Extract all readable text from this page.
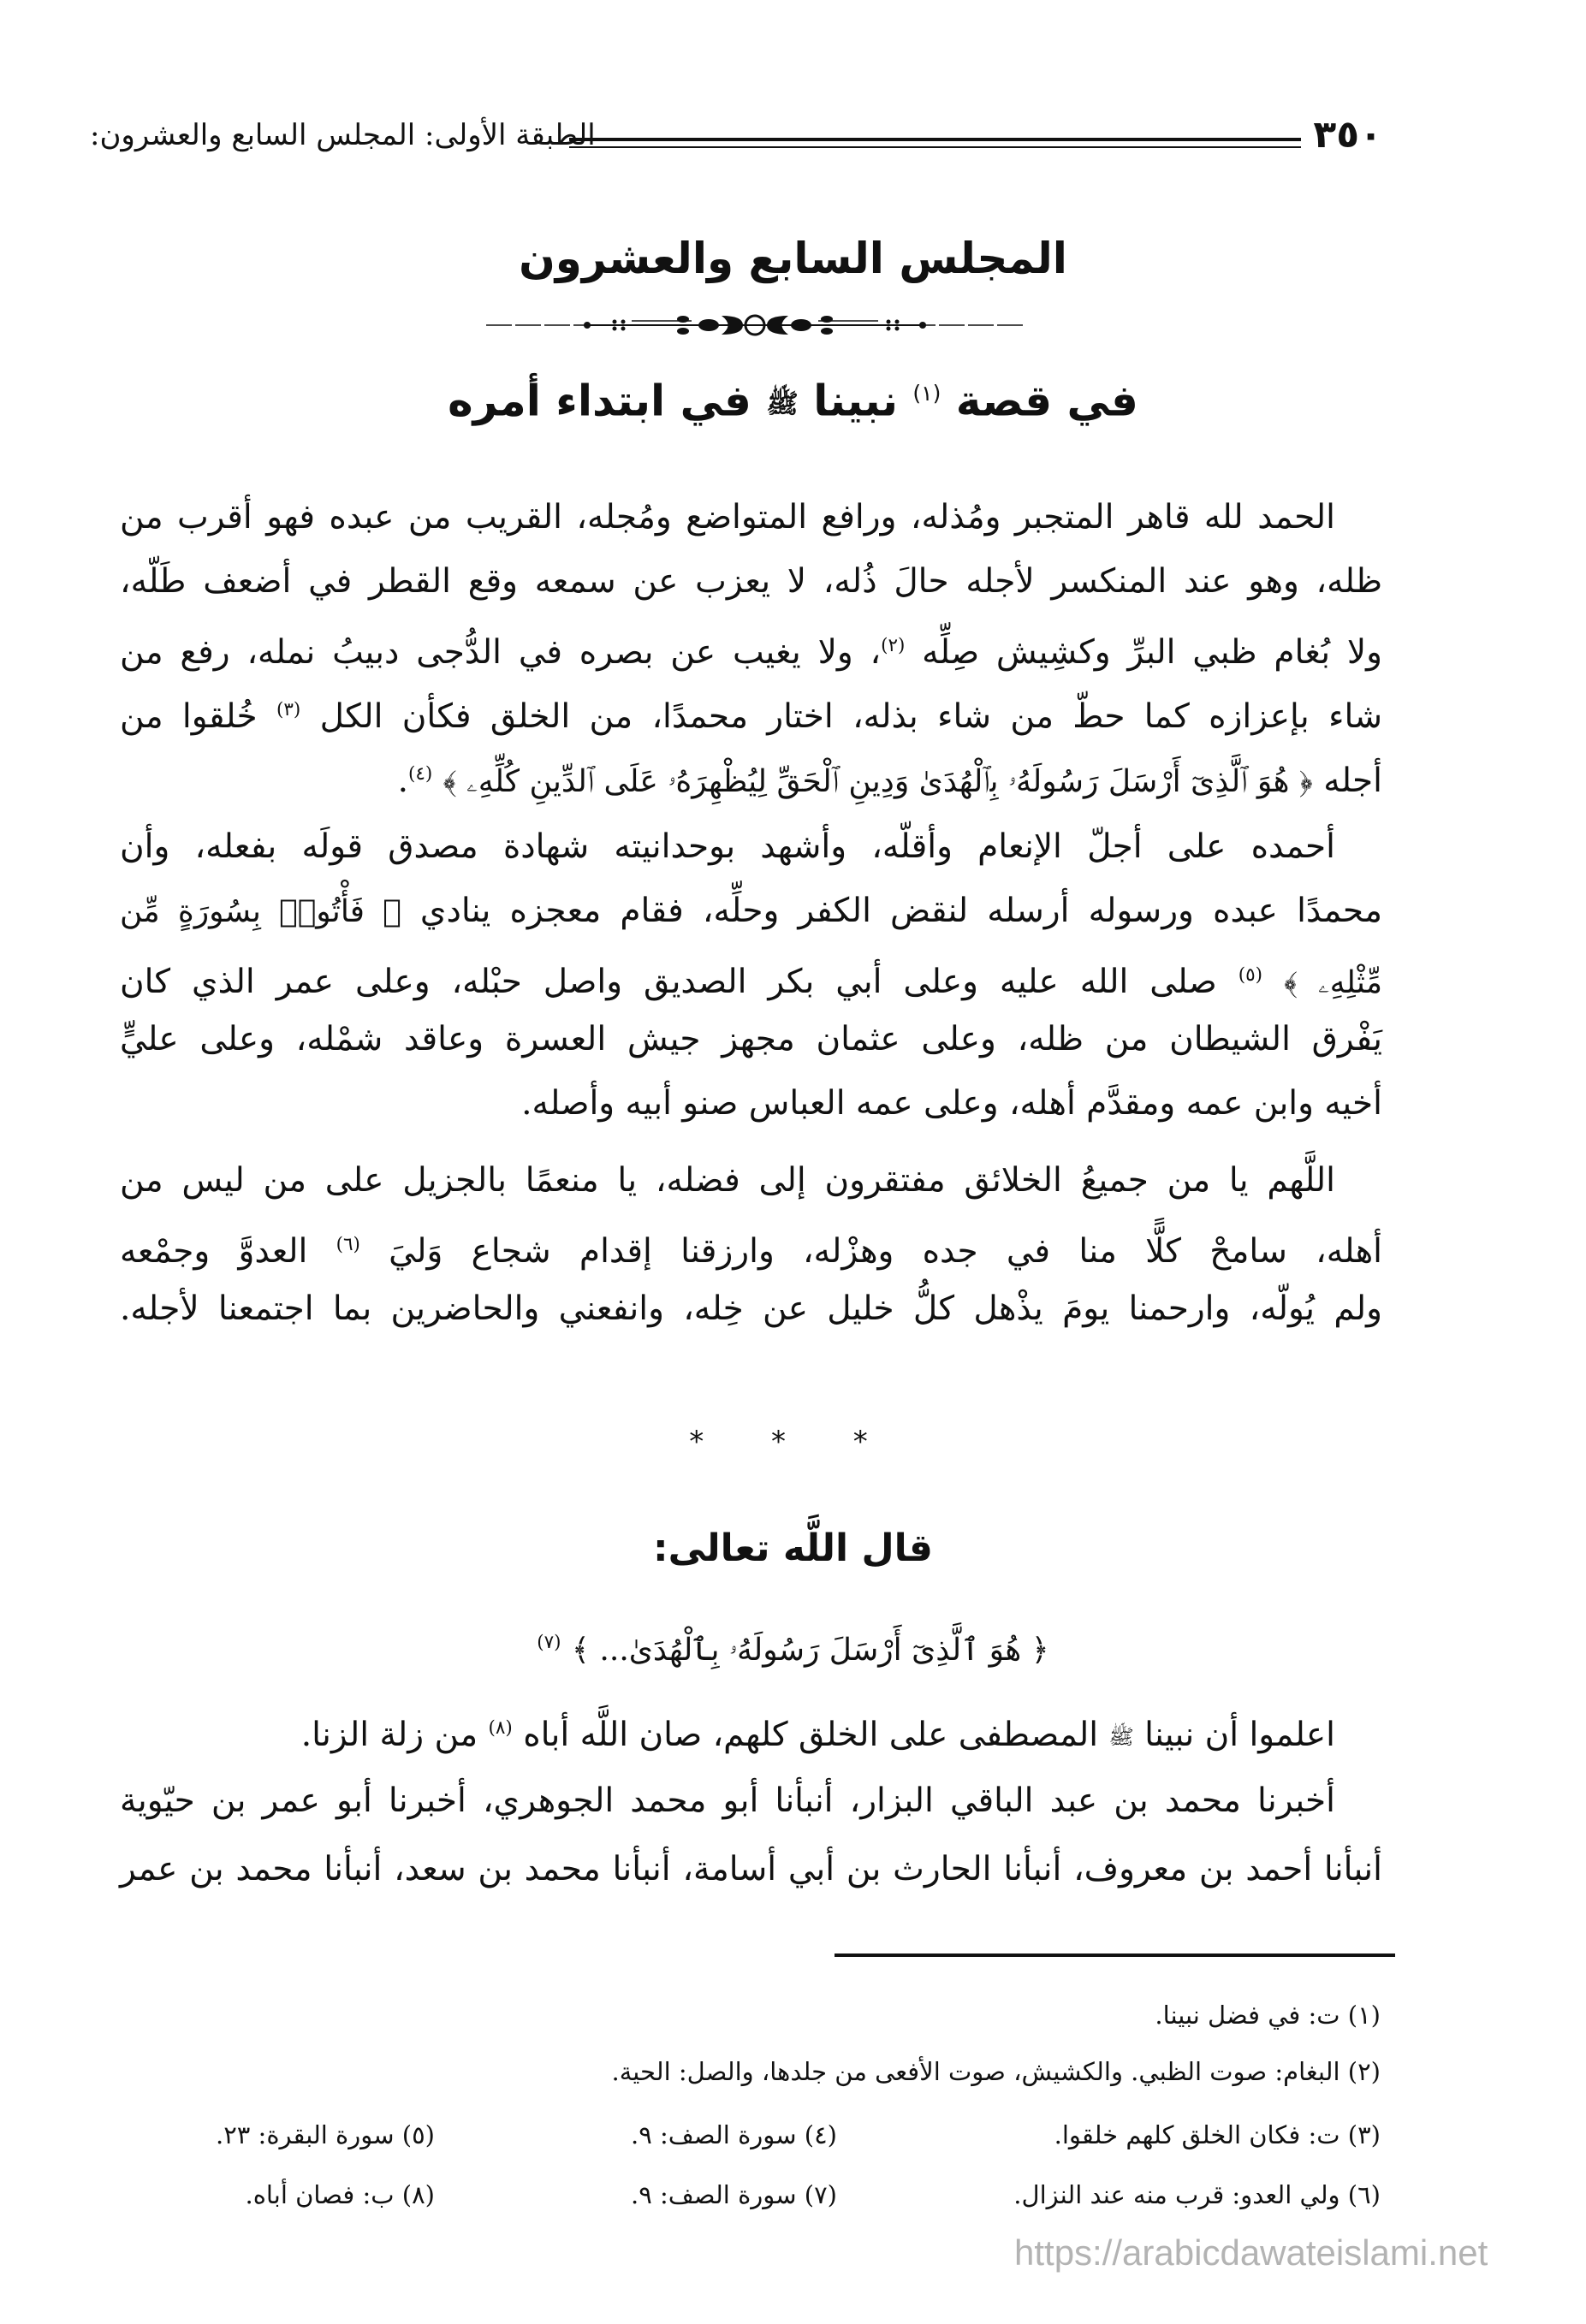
٣٥٠
الطبقة الأولى: المجلس السابع والعشرون:
المجلس السابع والعشرون
في قصة $^{(١)}$ نبينا ﷺ في ابتداء أمره
الحمد لله قاهر المتجبر ومُذله، ورافع المتواضع ومُجله، القريب من عبده فهو أقرب من
ظله، وهو عند المنكسر لأجله حالَ ذُله، لا يعزب عن سمعه وقع القطر في أضعف طَلّه،
ولا بُغام ظبي البرِّ وكشِيش صِلِّه $^{(٢)}$، ولا يغيب عن بصره في الدُّجى دبيبُ نمله، رفع من
شاء بإعزازه كما حطّ من شاء بذله، اختار محمدًا، من الخلق فكأن الكل $^{(٣)}$ خُلقوا من
أجله ﴿ هُوَ ٱلَّذِىٓ أَرْسَلَ رَسُولَهُۥ بِٱلْهُدَىٰ وَدِينِ ٱلْحَقِّ لِيُظْهِرَهُۥ عَلَى ٱلدِّينِ كُلِّهِۦ ﴾ $^{(٤)}$.
أحمده على أجلّ الإنعام وأقلّه، وأشهد بوحدانيته شهادة مصدق قولَه بفعله، وأن
محمدًا عبده ورسوله أرسله لنقض الكفر وحلِّه، فقام معجزه ينادي ﴿ فَأْتُوا۟ بِسُورَةٍ مِّن
مِّثْلِهِۦ ﴾ $^{(٥)}$ صلى الله عليه وعلى أبي بكر الصديق واصل حبْله، وعلى عمر الذي كان
يَفْرق الشيطان من ظله، وعلى عثمان مجهز جيش العسرة وعاقد شمْله، وعلى عليٍّ
أخيه وابن عمه ومقدَّم أهله، وعلى عمه العباس صنو أبيه وأصله.
اللَّهم يا من جميعُ الخلائق مفتقرون إلى فضله، يا منعمًا بالجزيل على من ليس من
أهله، سامحْ كلًّا منا في جده وهزْله، وارزقنا إقدام شجاع وَليَ $^{(٦)}$ العدوَّ وجمْعه
ولم يُولّه، وارحمنا يومَ يذْهل كلُّ خليل عن خِله، وانفعني والحاضرين بما اجتمعنا لأجله.
* * *
قال اللَّه تعالى:
﴿ هُوَ ٱلَّذِىٓ أَرْسَلَ رَسُولَهُۥ بِٱلْهُدَىٰ... ﴾ $^{(٧)}$
اعلموا أن نبينا ﷺ المصطفى على الخلق كلهم، صان اللَّه أباه $^{(٨)}$ من زلة الزنا.
أخبرنا محمد بن عبد الباقي البزار، أنبأنا أبو محمد الجوهري، أخبرنا أبو عمر بن حيّوية
أنبأنا أحمد بن معروف، أنبأنا الحارث بن أبي أسامة، أنبأنا محمد بن سعد، أنبأنا محمد بن عمر
(١) ت: في فضل نبينا.
(٢) البغام: صوت الظبي. والكشيش، صوت الأفعى من جلدها، والصل: الحية.
(٣) ت: فكان الخلق كلهم خلقوا.
(٤) سورة الصف: ٩.
(٥) سورة البقرة: ٢٣.
(٦) ولي العدو: قرب منه عند النزال.
(٧) سورة الصف: ٩.
(٨) ب: فصان أباه.
https://arabicdawateislami.net
